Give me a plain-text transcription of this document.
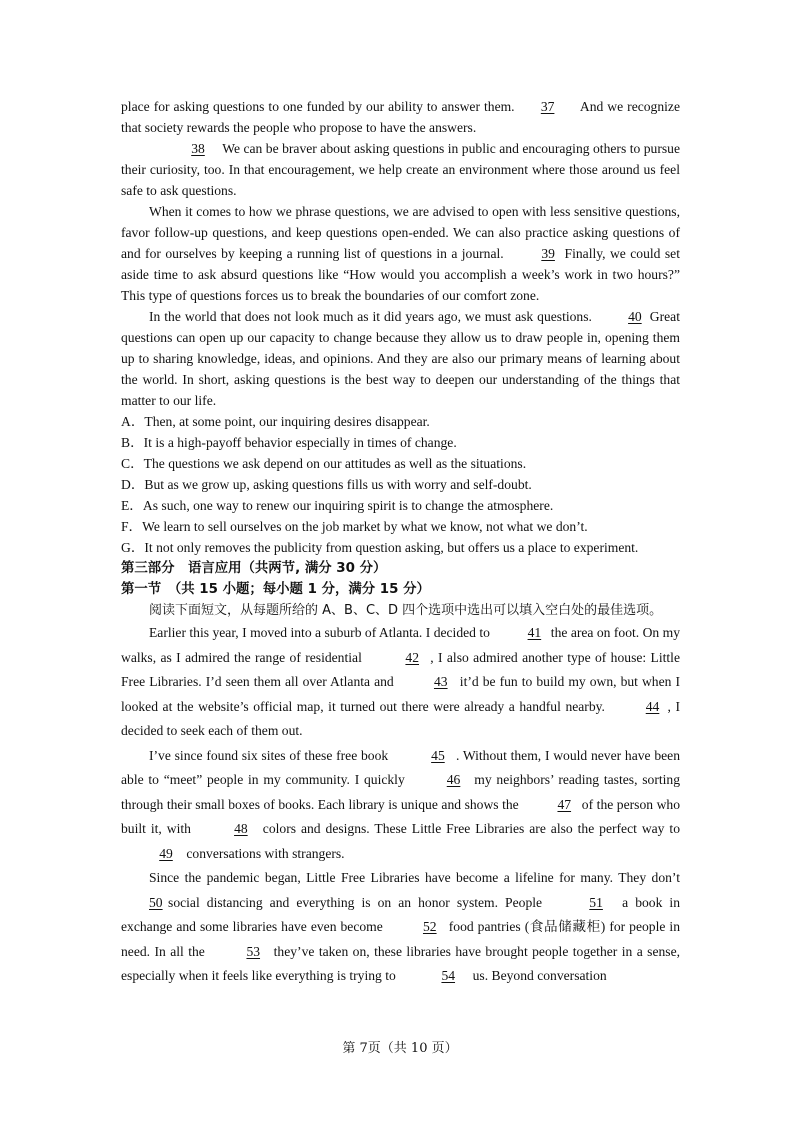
place for asking questions to one funded by our ability to answer them. 37 And we recognize that society rewards the people who propose to have the answers.

38 We can be braver about asking questions in public and encouraging others to pursue their curiosity, too. In that encouragement, we help create an environment where those around us feel safe to ask questions.

When it comes to how we phrase questions, we are advised to open with less sensitive questions, favor follow-up questions, and keep questions open-ended. We can also practice asking questions of and for ourselves by keeping a running list of questions in a journal. 39 Finally, we could set aside time to ask absurd questions like “How would you accomplish a week’s work in two hours?” This type of questions forces us to break the boundaries of our comfort zone.

In the world that does not look much as it did years ago, we must ask questions. 40 Great questions can open up our capacity to change because they allow us to draw people in, opening them up to sharing knowledge, ideas, and opinions. And they are also our primary means of learning about the world. In short, asking questions is the best way to deepen our understanding of the things that matter to our life.

A．Then, at some point, our inquiring desires disappear.

B．It is a high-payoff behavior especially in times of change.

C．The questions we ask depend on our attitudes as well as the situations.

D．But as we grow up, asking questions fills us with worry and self-doubt.

E．As such, one way to renew our inquiring spirit is to change the atmosphere.

F．We learn to sell ourselves on the job market by what we know, not what we don’t.

G．It not only removes the publicity from question asking, but offers us a place to experiment.

第三部分　语言应用（共两节, 满分 30 分）

第一节　（共 15 小题；每小题 1 分，满分 15 分）

阅读下面短文，从每题所给的 A、B、C、D 四个选项中选出可以填入空白处的最佳选项。

Earlier this year, I moved into a suburb of Atlanta. I decided to	41 the area on foot. On my walks, as I admired the range of residential	42 , I also admired another type of house: Little Free Libraries. I’d seen them all over Atlanta and	43 it’d be fun to build my own, but when I looked at the website’s official map, it turned out there were already a handful nearby.	44 , I decided to seek each of them out.

I’ve since found six sites of these free book	45 . Without them, I would never have been able to “meet” people in my community. I quickly	46 my neighbors’ reading tastes, sorting through their small boxes of books. Each library is unique and shows the	47 of the person who built it, with	48 colors and designs. These Little Free Libraries are also the perfect way to 49 conversations with strangers.

Since the pandemic began, Little Free Libraries have become a lifeline for many. They don’t 50 social distancing and everything is on an honor system. People	51 a book in exchange and some libraries have even become	52 food pantries (食品储藏柜) for people in need. In all the	53 they’ve taken on, these libraries have brought people together in a sense, especially when it feels like everything is trying to	54 us. Beyond conversation

第 7页（共 10 页）
